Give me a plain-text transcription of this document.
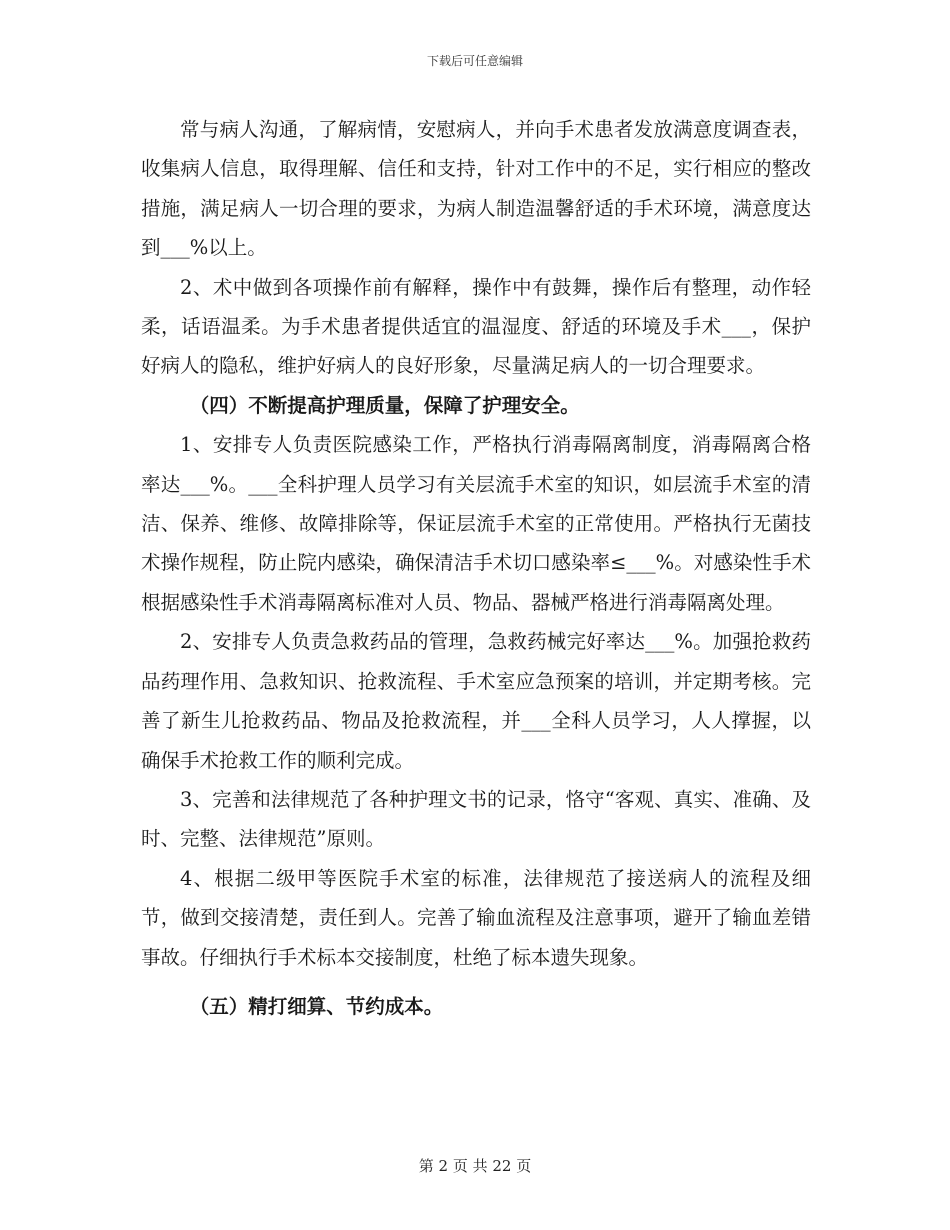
下载后可任意编辑

常与病人沟通，了解病情，安慰病人，并向手术患者发放满意度调查表，收集病人信息，取得理解、信任和支持，针对工作中的不足，实行相应的整改措施，满足病人一切合理的要求，为病人制造温馨舒适的手术环境，满意度达到___%以上。

2、术中做到各项操作前有解释，操作中有鼓舞，操作后有整理，动作轻柔，话语温柔。为手术患者提供适宜的温湿度、舒适的环境及手术___，保护好病人的隐私，维护好病人的良好形象，尽量满足病人的一切合理要求。

（四）不断提高护理质量，保障了护理安全。

1、安排专人负责医院感染工作，严格执行消毒隔离制度，消毒隔离合格率达___%。___全科护理人员学习有关层流手术室的知识，如层流手术室的清洁、保养、维修、故障排除等，保证层流手术室的正常使用。严格执行无菌技术操作规程，防止院内感染，确保清洁手术切口感染率≤___%。对感染性手术根据感染性手术消毒隔离标准对人员、物品、器械严格进行消毒隔离处理。

2、安排专人负责急救药品的管理，急救药械完好率达___%。加强抢救药品药理作用、急救知识、抢救流程、手术室应急预案的培训，并定期考核。完善了新生儿抢救药品、物品及抢救流程，并___全科人员学习，人人撑握，以确保手术抢救工作的顺利完成。

3、完善和法律规范了各种护理文书的记录，恪守“客观、真实、准确、及时、完整、法律规范”原则。

4、根据二级甲等医院手术室的标准，法律规范了接送病人的流程及细节，做到交接清楚，责任到人。完善了输血流程及注意事项，避开了输血差错事故。仔细执行手术标本交接制度，杜绝了标本遗失现象。

（五）精打细算、节约成本。

第 2 页 共 22 页
